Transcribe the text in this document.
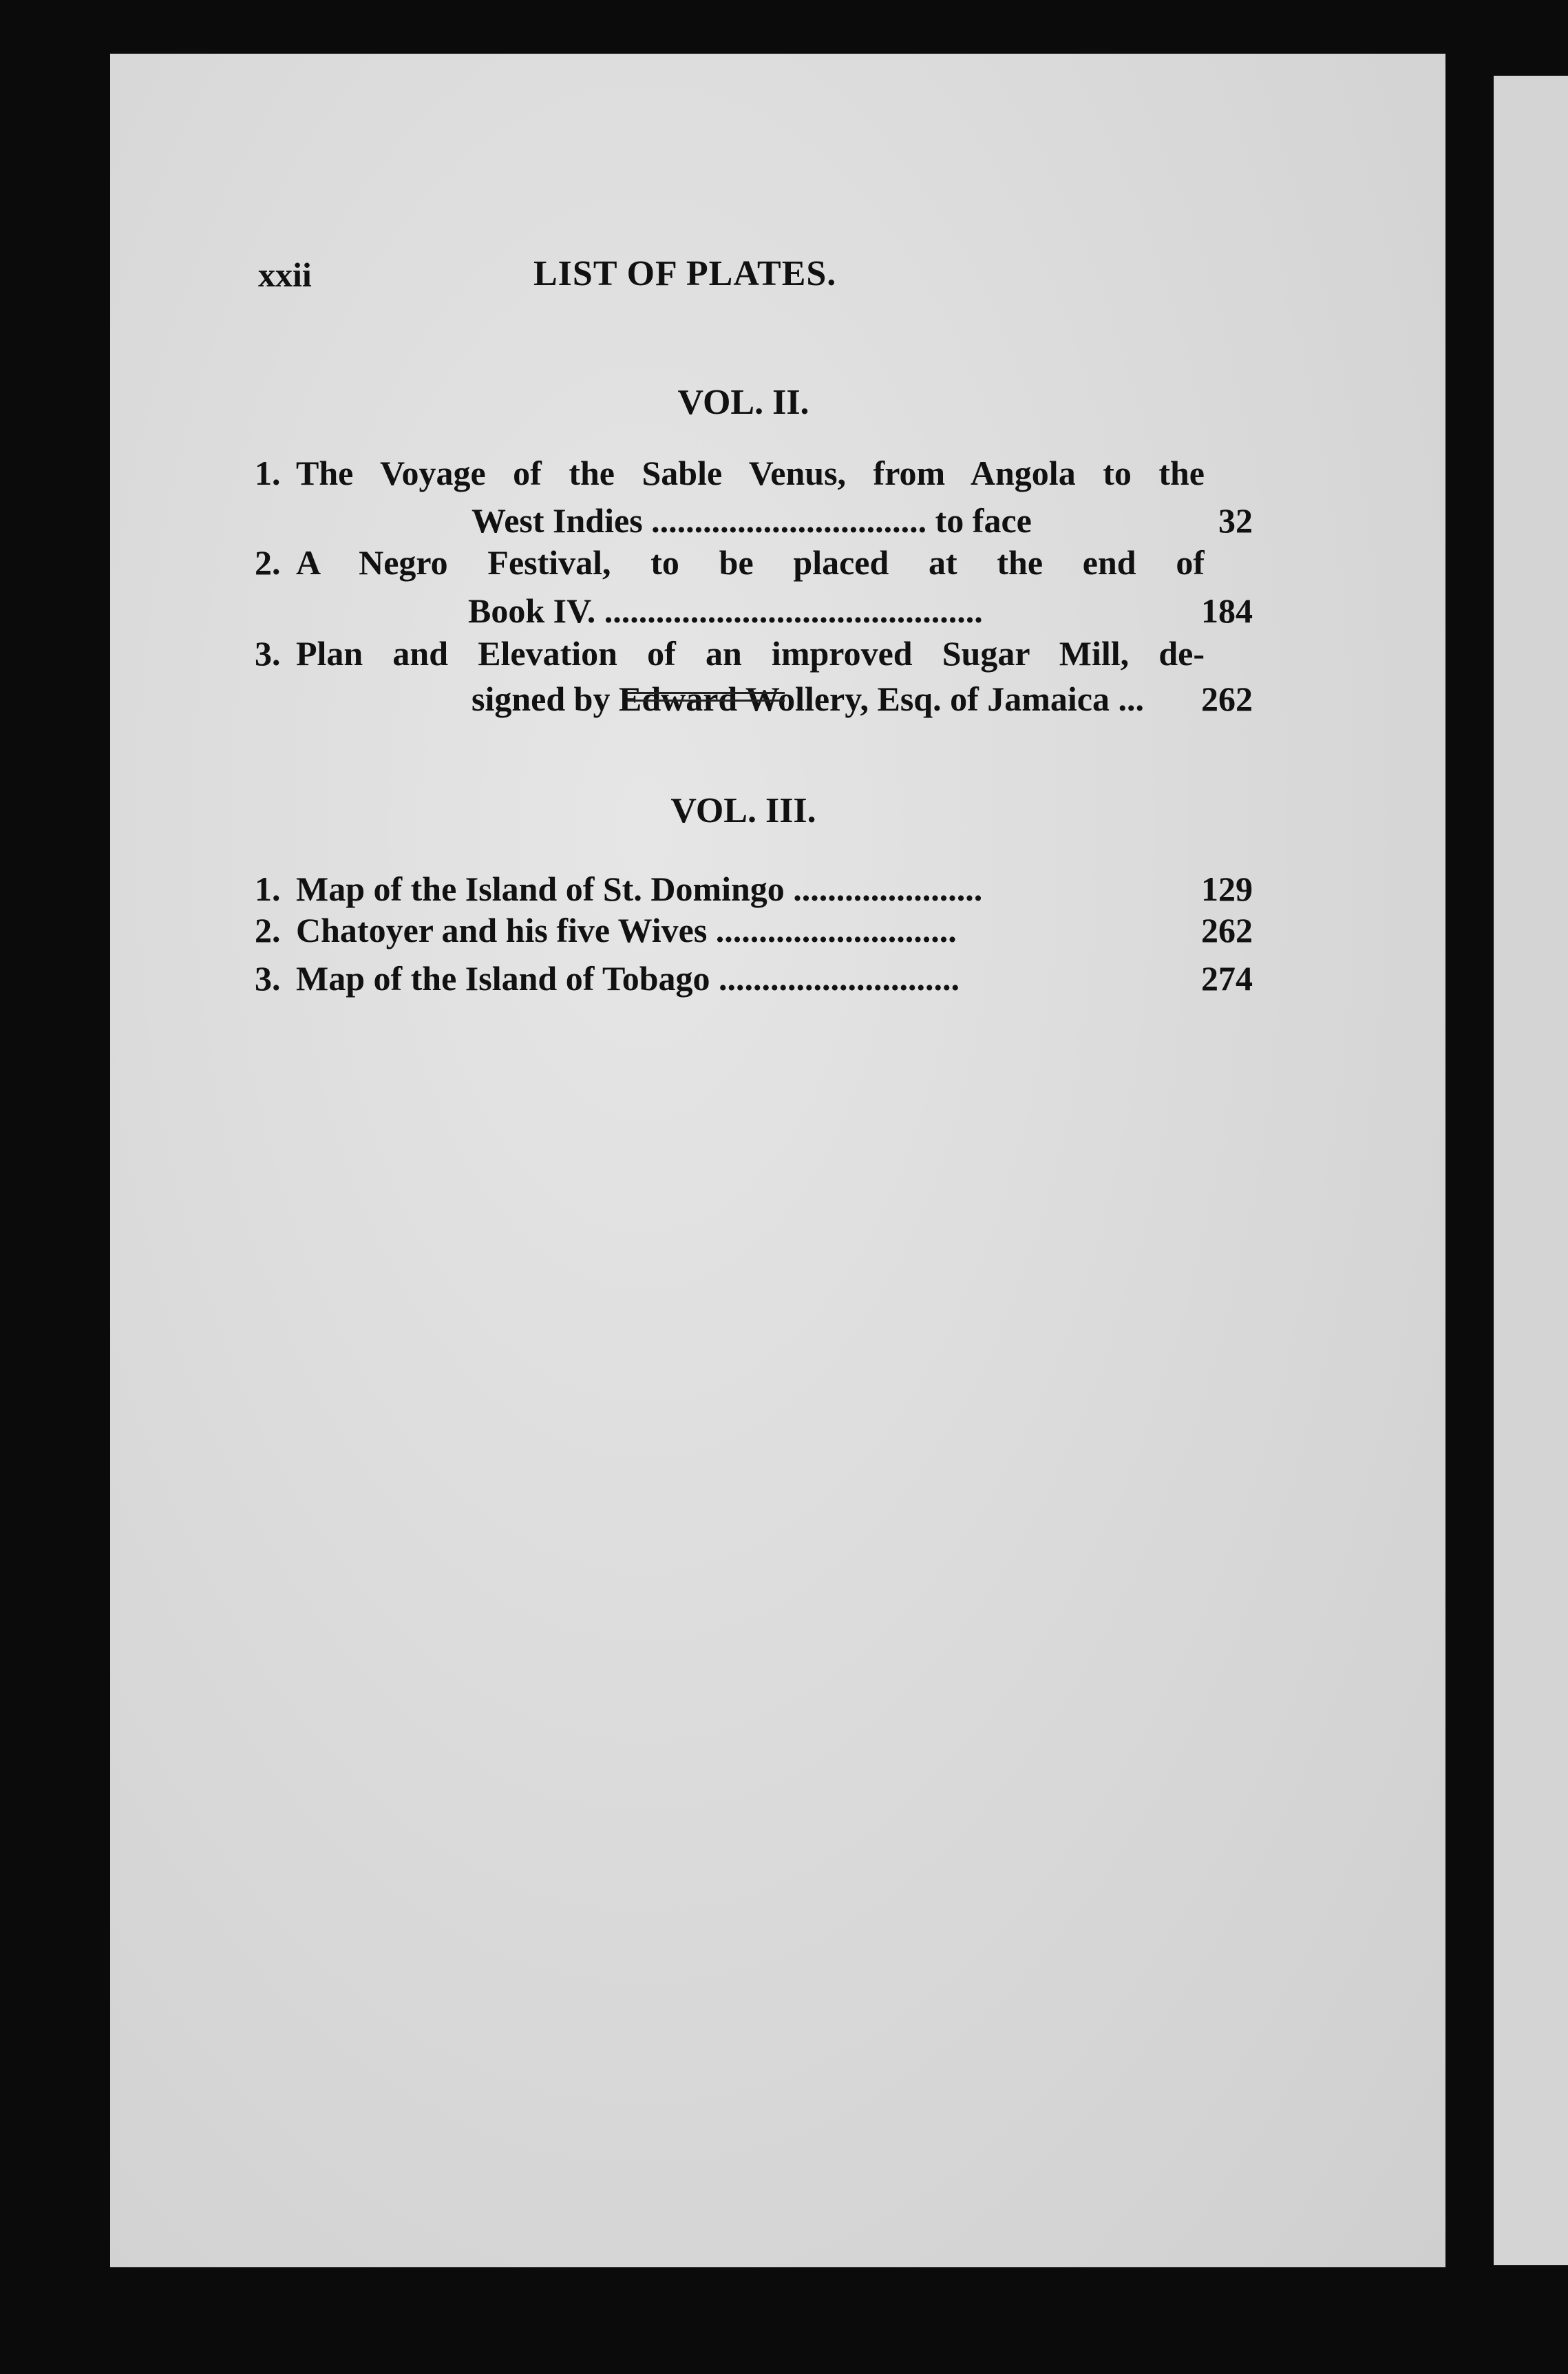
xxii	LIST OF PLATES.
VOL. II.
1. The Voyage of the Sable Venus, from Angola to the
West Indies ................................ to face	32
2. A Negro Festival, to be placed at the end of
Book IV. ............................................	184
3. Plan and Elevation of an improved Sugar Mill, de-
signed by Edward Wollery, Esq. of Jamaica ...	262
VOL. III.
1. Map of the Island of St. Domingo ......................	129
2. Chatoyer and his five Wives ............................	262
3. Map of the Island of Tobago ............................	274
